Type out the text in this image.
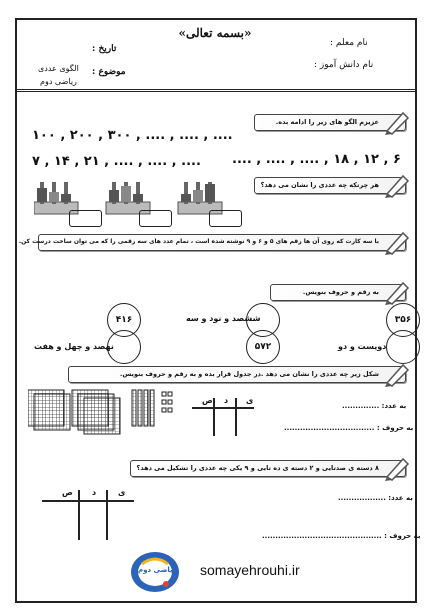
«بسمه تعالی»
نام معلم :
تاریخ :
نام دانش آموز :
الگوی عددی موضوع :
ریاضی دوم
عزیزم الگو های زیر را ادامه بده.
۱۰۰ , ۲۰۰ , ۳۰۰ , .... , .... , ....
.... , .... , .... , ۱۸ , ۱۲ , ۶
۷ , ۱۴ , ۲۱ , .... , .... , ....
هر چرتکه چه عددی را نشان می دهد؟
با سه کارت که روی آن ها رقم های ۵ و ۶ و ۹ نوشته شده است ، تمام عدد های سه رقمی را که می توان ساخت درست کن.
به رقم و حروف بنویس.
۳۵۶
ششصد و نود و سه
۴۱۶
دویست و دو
۵۷۲
نهصد و چهل و هفت
شکل زیر چه عددی را نشان می دهد .در جدول قرار بده و به رقم و حروف بنویس.
ص د ی
به عدد: ..............
به حروف : ..................................
۸ دسته ی صدتایی و ۲ دسته ی ده تایی و ۹ یکی چه عددی را تشکیل می دهد؟
ص د	ی
به عدد: ..................
به حروف : .............................................
ریاضی دوم somayehrouhi.ir
